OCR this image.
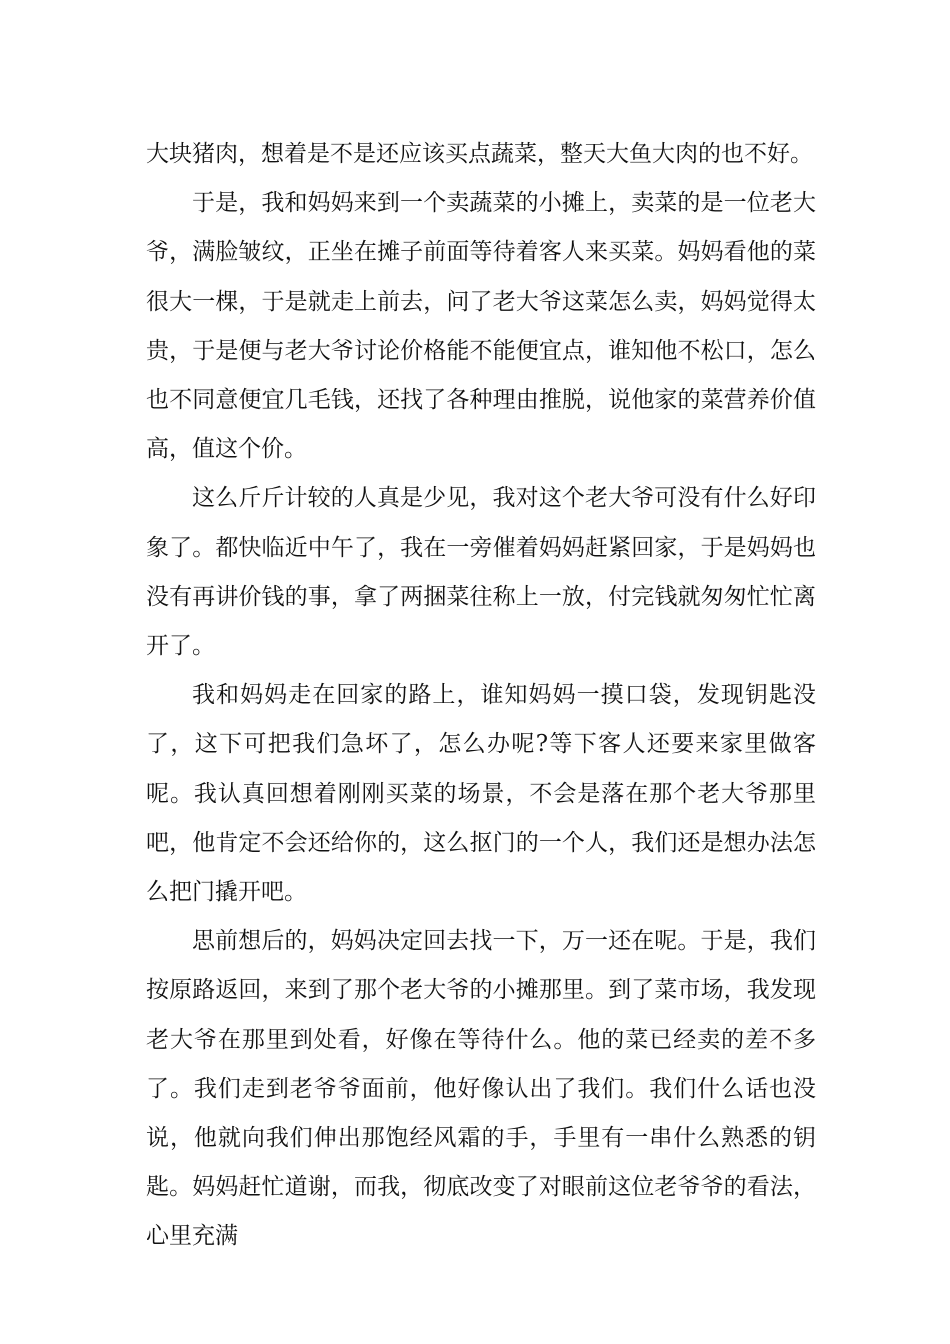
大块猪肉，想着是不是还应该买点蔬菜，整天大鱼大肉的也不好。

于是，我和妈妈来到一个卖蔬菜的小摊上，卖菜的是一位老大爷，满脸皱纹，正坐在摊子前面等待着客人来买菜。妈妈看他的菜很大一棵，于是就走上前去，问了老大爷这菜怎么卖，妈妈觉得太贵，于是便与老大爷讨论价格能不能便宜点，谁知他不松口，怎么也不同意便宜几毛钱，还找了各种理由推脱，说他家的菜营养价值高，值这个价。

这么斤斤计较的人真是少见，我对这个老大爷可没有什么好印象了。都快临近中午了，我在一旁催着妈妈赶紧回家，于是妈妈也没有再讲价钱的事，拿了两捆菜往称上一放，付完钱就匆匆忙忙离开了。

我和妈妈走在回家的路上，谁知妈妈一摸口袋，发现钥匙没了，这下可把我们急坏了，怎么办呢?等下客人还要来家里做客呢。我认真回想着刚刚买菜的场景，不会是落在那个老大爷那里吧，他肯定不会还给你的，这么抠门的一个人，我们还是想办法怎么把门撬开吧。

思前想后的，妈妈决定回去找一下，万一还在呢。于是，我们按原路返回，来到了那个老大爷的小摊那里。到了菜市场，我发现老大爷在那里到处看，好像在等待什么。他的菜已经卖的差不多了。我们走到老爷爷面前，他好像认出了我们。我们什么话也没说，他就向我们伸出那饱经风霜的手，手里有一串什么熟悉的钥匙。妈妈赶忙道谢，而我，彻底改变了对眼前这位老爷爷的看法，心里充满
